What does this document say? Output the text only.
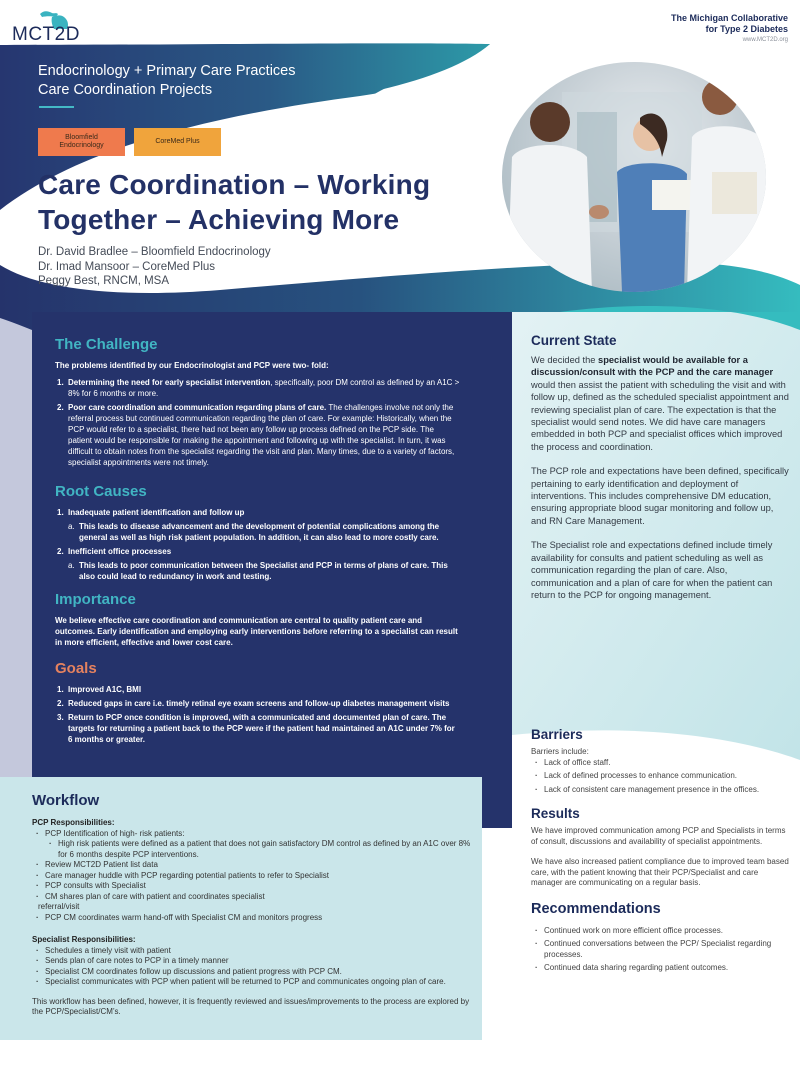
MCT2D
The Michigan Collaborative
for Type 2 Diabetes
www.MCT2D.org
Endocrinology + Primary Care Practices
Care Coordination Projects
Bloomfield
Endocrinology
CoreMed Plus
Care Coordination – Working
Together – Achieving More
Dr. David Bradlee – Bloomfield Endocrinology
Dr. Imad Mansoor – CoreMed Plus
Peggy Best, RNCM, MSA
The Challenge
The problems identified by our Endocrinologist and PCP were two- fold:
1. Determining the need for early specialist intervention, specifically, poor DM control as defined by an A1C > 8% for 6 months or more.
2. Poor care coordination and communication regarding plans of care. The challenges involve not only the referral process but continued communication regarding the plan of care. For example: Historically, when the PCP would refer to a specialist, there had not been any follow up process defined on the PCP side. The patient would be responsible for making the appointment and following up with the specialist. In turn, it was difficult to obtain notes from the specialist regarding the visit and plan. Many times, due to a variety of factors, specialist appointments were not timely.
Root Causes
1. Inadequate patient identification and follow up
a. This leads to disease advancement and the development of potential complications among the general as well as high risk patient population. In addition, it can also lead to more costly care.
2. Inefficient office processes
a. This leads to poor communication between the Specialist and PCP in terms of plans of care. This also could lead to redundancy in work and testing.
Importance
We believe effective care coordination and communication are central to quality patient care and outcomes. Early identification and employing early interventions before referring to a specialist can result in more efficient, effective and lower cost care.
Goals
1. Improved A1C, BMI
2. Reduced gaps in care i.e. timely retinal eye exam screens and follow-up diabetes management visits
3. Return to PCP once condition is improved, with a communicated and documented plan of care. The targets for returning a patient back to the PCP were if the patient had maintained an A1C under 7% for 6 months or greater.
Workflow
PCP Responsibilities:
· PCP Identification of high- risk patients:
· High risk patients were defined as a patient that does not gain satisfactory DM control as defined by an A1C over 8% for 6 months despite PCP interventions.
· Review MCT2D Patient list data
· Care manager huddle with PCP regarding potential patients to refer to Specialist
· PCP consults with Specialist
· CM shares plan of care with patient and coordinates specialist
referral/visit
· PCP CM coordinates warm hand-off with Specialist CM and monitors progress
Specialist Responsibilities:
· Schedules a timely visit with patient
· Sends plan of care notes to PCP in a timely manner
· Specialist CM coordinates follow up discussions and patient progress with PCP CM.
· Specialist communicates with PCP when patient will be returned to PCP and communicates ongoing plan of care.
This workflow has been defined, however, it is frequently reviewed and issues/improvements to the process are explored by the PCP/Specialist/CM’s.
Current State

We decided the specialist would be available for a discussion/consult with the PCP and the care manager would then assist the patient with scheduling the visit and with follow up, defined as the scheduled specialist appointment and reviewing specialist plan of care. The expectation is that the specialist would send notes. We did have care managers embedded in both PCP and specialist offices which improved the process and coordination.

The PCP role and expectations have been defined, specifically pertaining to early identification and deployment of interventions. This includes comprehensive DM education, ensuring appropriate blood sugar monitoring and follow up, and RN Care Management.

The Specialist role and expectations defined include timely availability for consults and patient scheduling as well as communication regarding the plan of care. Also, communication and a plan of care for when the patient can return to the PCP for ongoing management.

Barriers
Barriers include:
· Lack of office staff.
· Lack of defined processes to enhance communication.
· Lack of consistent care management presence in the offices.
Results

We have improved communication among PCP and Specialists in terms of consult, discussions and availability of specialist appointments.

We have also increased patient compliance due to improved team based care, with the patient knowing that their PCP/Specialist and care manager are communicating on a regular basis.

Recommendations
· Continued work on more efficient office processes.
· Continued conversations between the PCP/ Specialist regarding processes.
· Continued data sharing regarding patient outcomes.
